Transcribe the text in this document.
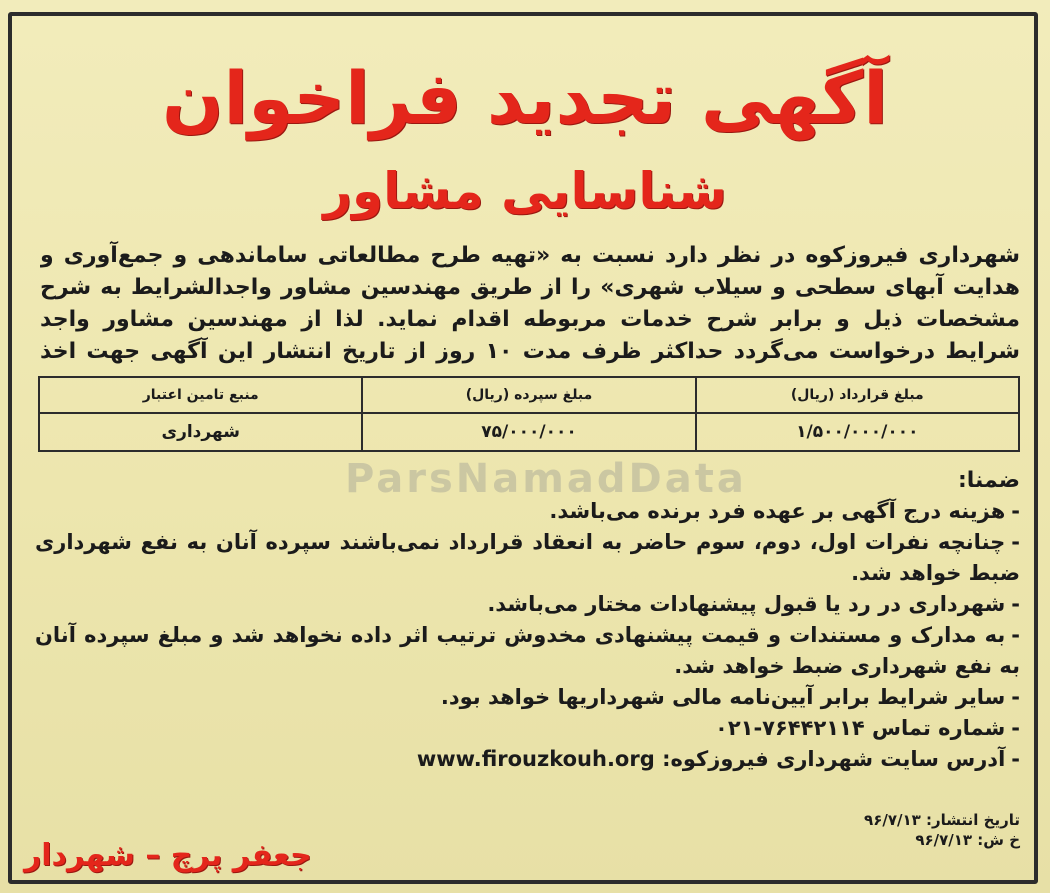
ParsNamadData
آگهی تجدید فراخوان
شناسایی مشاور
شهرداری فیروزکوه در نظر دارد نسبت به «تهیه طرح مطالعاتی ساماندهی و جمع‌آوری و هدایت آبهای سطحی و سیلاب شهری» را از طریق مهندسین مشاور واجدالشرایط به شرح مشخصات ذیل و برابر شرح خدمات مربوطه اقدام نماید. لذا از مهندسین مشاور واجد شرایط درخواست می‌گردد حداکثر ظرف مدت ۱۰ روز از تاریخ انتشار این آگهی جهت اخذ
مبلغ قرارداد (ریال)	مبلغ سپرده (ریال)	منبع تامین اعتبار
۱/۵۰۰/۰۰۰/۰۰۰	۷۵/۰۰۰/۰۰۰	شهرداری
ضمنا:
-هزینه درج آگهی بر عهده فرد برنده می‌باشد.
-چنانچه نفرات اول، دوم، سوم حاضر به انعقاد قرارداد نمی‌باشند سپرده آنان به نفع شهرداری ضبط خواهد شد.
-شهرداری در رد یا قبول پیشنهادات مختار می‌باشد.
-به مدارک و مستندات و قیمت پیشنهادی مخدوش ترتیب اثر داده نخواهد شد و مبلغ سپرده آنان به نفع شهرداری ضبط خواهد شد.
-سایر شرایط برابر آیین‌نامه مالی شهرداریها خواهد بود.
-شماره تماس ۷۶۴۴۲۱۱۴-۰۲۱
-آدرس سایت شهرداری فیروزکوه: www.firouzkouh.org
تاریخ انتشار: ۹۶/۷/۱۳
خ ش: ۹۶/۷/۱۳
جعفر پرچ – شهردار
